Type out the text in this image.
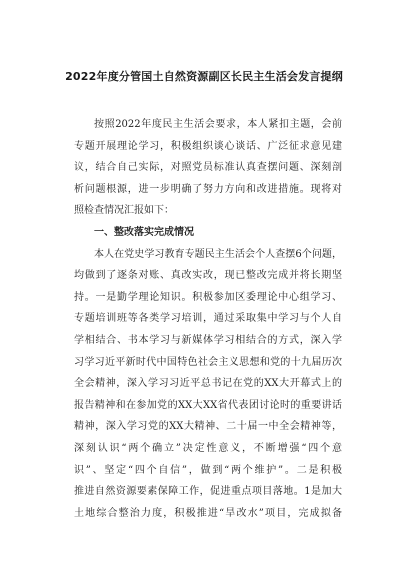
2022年度分管国土自然资源副区长民主生活会发言提纲
按照2022年度民主生活会要求，本人紧扣主题，会前
专题开展理论学习，积极组织谈心谈话、广泛征求意见建
议，结合自己实际，对照党员标准认真查摆问题、深刻剖
析问题根源，进一步明确了努力方向和改进措施。现将对
照检查情况汇报如下：
一、整改落实完成情况
本人在党史学习教育专题民主生活会个人查摆6个问题，
均做到了逐条对账、真改实改，现已整改完成并将长期坚
持。一是勤学理论知识。积极参加区委理论中心组学习、
专题培训班等各类学习培训，通过采取集中学习与个人自
学相结合、书本学习与新媒体学习相结合的方式，深入学
习学习近平新时代中国特色社会主义思想和党的十九届历次
全会精神，深入学习习近平总书记在党的XX大开幕式上的
报告精神和在参加党的XX大XX省代表团讨论时的重要讲话
精神，深入学习党的XX大精神、二十届一中全会精神等，
深刻认识“两个确立”决定性意义，不断增强“四个意
识”、坚定“四个自信”，做到“两个维护”。二是积极
推进自然资源要素保障工作，促进重点项目落地。1是加大
土地综合整治力度，积极推进“旱改水”项目，完成拟备
